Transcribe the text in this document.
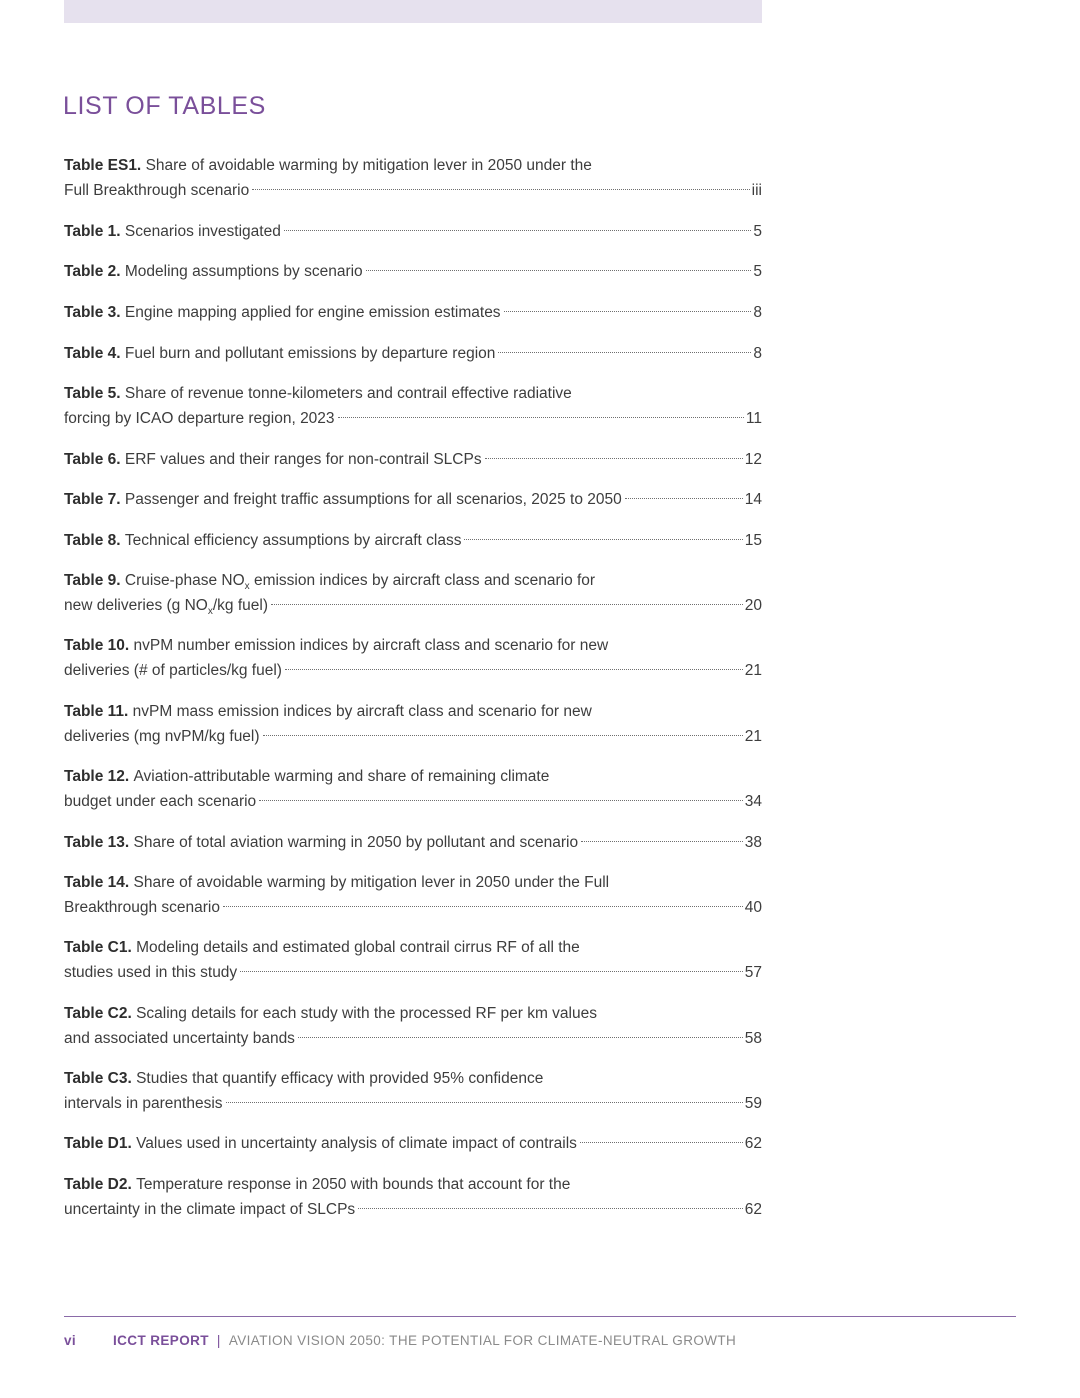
LIST OF TABLES
Table ES1.
Share of avoidable warming by mitigation lever in 2050 under the
Full Breakthrough scenario	iii
Table 1.
Scenarios investigated	5
Table 2.
Modeling assumptions by scenario	5
Table 3.
Engine mapping applied for engine emission estimates	8
Table 4.
Fuel burn and pollutant emissions by departure region	8
Table 5.
Share of revenue tonne-kilometers and contrail effective radiative
forcing by ICAO departure region, 2023	11
Table 6.
ERF values and their ranges for non-contrail SLCPs	12
Table 7.
Passenger and freight traffic assumptions for all scenarios, 2025 to 2050	14
Table 8.
Technical efficiency assumptions by aircraft class	15
Table 9.
Cruise-phase $NO_x$ emission indices by aircraft class and scenario for
new deliveries (g $NO_x/kg$ fuel)	20
Table 10.
nvPM number emission indices by aircraft class and scenario for new
deliveries (# of particles/kg fuel)	21
Table 11.
nvPM mass emission indices by aircraft class and scenario for new
deliveries (mg nvPM/kg fuel)	21
Table 12.
Aviation-attributable warming and share of remaining climate
budget under each scenario	34
Table 13.
Share of total aviation warming in 2050 by pollutant and scenario	38
Table 14.
Share of avoidable warming by mitigation lever in 2050 under the Full
Breakthrough scenario	40
Table C1.
Modeling details and estimated global contrail cirrus RF of all the
studies used in this study	57
Table C2.
Scaling details for each study with the processed RF per km values
and associated uncertainty bands	58
Table C3.
Studies that quantify efficacy with provided 95% confidence
intervals in parenthesis	59
Table D1.
Values used in uncertainty analysis of climate impact of contrails	62
Table D2.
Temperature response in 2050 with bounds that account for the
uncertainty in the climate impact of SLCPs	62
vi	ICCT REPORT | AVIATION VISION 2050: THE POTENTIAL FOR CLIMATE-NEUTRAL GROWTH
